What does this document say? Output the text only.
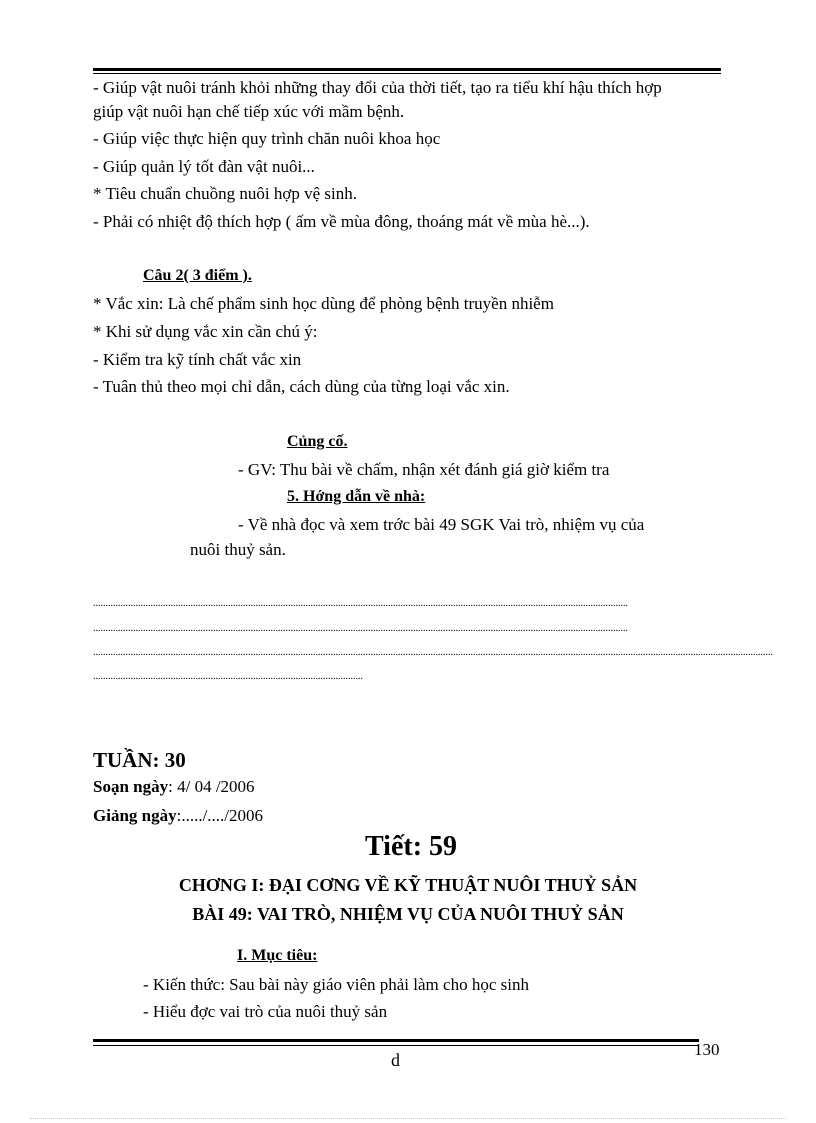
- Giúp vật nuôi tránh khỏi những thay đổi của thời tiết, tạo ra tiểu khí hậu thích hợp
giúp vật nuôi hạn chế tiếp xúc với mầm bệnh.
- Giúp việc thực hiện quy trình chăn nuôi khoa học
- Giúp quản lý tốt đàn vật nuôi...
* Tiêu chuẩn chuồng nuôi hợp vệ sinh.
- Phải có nhiệt độ thích hợp ( ấm về mùa đông, thoáng mát về mùa hè...).
Câu 2( 3 điểm ).
* Vắc xin: Là chế phẩm sinh học dùng để phòng bệnh truyền nhiễm
* Khi sử dụng vắc xin cần chú ý:
- Kiểm tra kỹ tính chất vắc xin
- Tuân thủ theo mọi chỉ dẫn, cách dùng của từng loại vắc xin.
Củng cố.
- GV: Thu bài về chấm, nhận xét đánh giá giờ kiểm tra
5. Hớng dẫn về nhà:
- Về nhà đọc và xem trớc bài 49 SGK Vai trò, nhiệm vụ của
nuôi thuỷ sản.
......................................................................................................................................................................................................................
......................................................................................................................................................................................................................
................................................................................................................................................................................................................................................................................
............................................................................................................
TUẦN: 30
Soạn ngày: 4/ 04 /2006
Giảng ngày:...../..../2006
Tiết: 59
CHƠNG I: ĐẠI CƠNG VỀ KỸ THUẬT NUÔI THUỶ SẢN
BÀI 49: VAI TRÒ, NHIỆM VỤ CỦA NUÔI THUỶ SẢN
I. Mục tiêu:
- Kiến thức: Sau bài này giáo viên phải làm cho học sinh
- Hiểu đợc vai trò của nuôi thuỷ sản
130
d
